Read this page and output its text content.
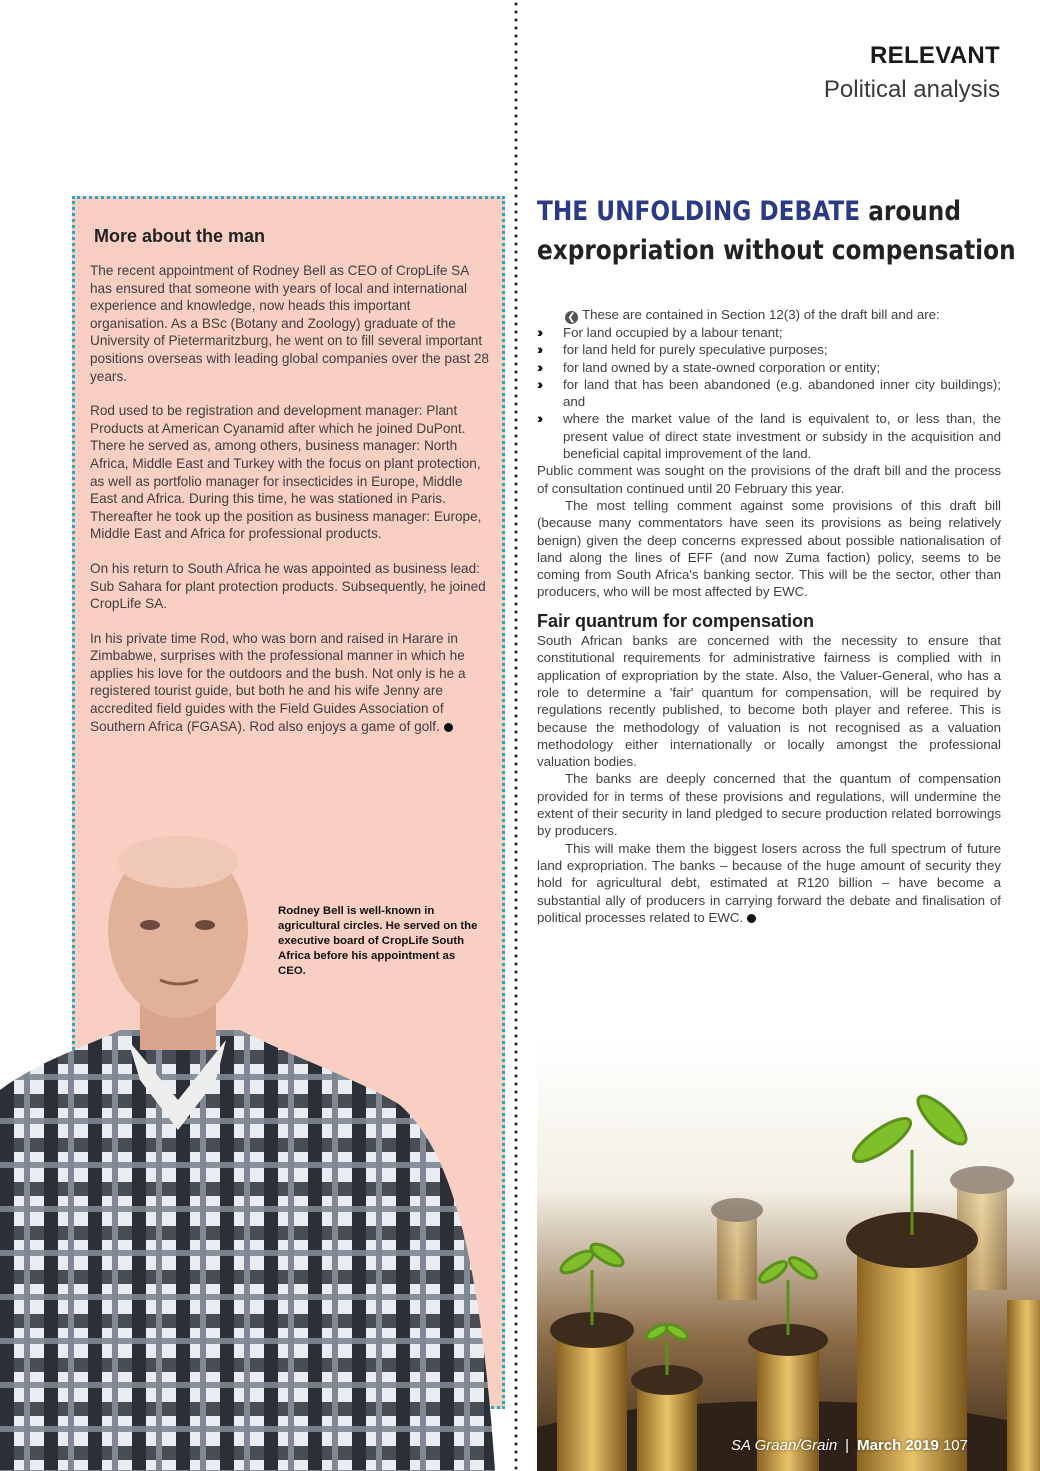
RELEVANT
Political analysis
More about the man

The recent appointment of Rodney Bell as CEO of CropLife SA has ensured that someone with years of local and international experience and knowledge, now heads this important organisation. As a BSc (Botany and Zoology) graduate of the University of Pietermaritzburg, he went on to fill several important positions overseas with leading global companies over the past 28 years.

Rod used to be registration and development manager: Plant Products at American Cyanamid after which he joined DuPont. There he served as, among others, business manager: North Africa, Middle East and Turkey with the focus on plant protection, as well as portfolio manager for insecticides in Europe, Middle East and Africa. During this time, he was stationed in Paris. Thereafter he took up the position as business manager: Europe, Middle East and Africa for professional products.

On his return to South Africa he was appointed as business lead: Sub Sahara for plant protection products. Subsequently, he joined CropLife SA.

In his private time Rod, who was born and raised in Harare in Zimbabwe, surprises with the professional manner in which he applies his love for the outdoors and the bush. Not only is he a registered tourist guide, but both he and his wife Jenny are accredited field guides with the Field Guides Association of Southern Africa (FGASA). Rod also enjoys a game of golf.

Rodney Bell is well-known in agricultural circles. He served on the executive board of CropLife South Africa before his appointment as CEO.
THE UNFOLDING DEBATE around
expropriation without compensation

❮ These are contained in Section 12(3) of the draft bill and are:

›› For land occupied by a labour tenant;
›› for land held for purely speculative purposes;
›› for land owned by a state-owned corporation or entity;
›› for land that has been abandoned (e.g. abandoned inner city buildings); and
›› where the market value of the land is equivalent to, or less than, the present value of direct state investment or subsidy in the acquisition and beneficial capital improvement of the land.

Public comment was sought on the provisions of the draft bill and the process of consultation continued until 20 February this year.

The most telling comment against some provisions of this draft bill (because many commentators have seen its provisions as being relatively benign) given the deep concerns expressed about possible nationalisation of land along the lines of EFF (and now Zuma faction) policy, seems to be coming from South Africa's banking sector. This will be the sector, other than producers, who will be most affected by EWC.

Fair quantrum for compensation

South African banks are concerned with the necessity to ensure that constitutional requirements for administrative fairness is complied with in application of expropriation by the state. Also, the Valuer-General, who has a role to determine a 'fair' quantum for compensation, will be required by regulations recently published, to become both player and referee. This is because the methodology of valuation is not recognised as a valuation methodology either internationally or locally amongst the professional valuation bodies.

The banks are deeply concerned that the quantum of compensation provided for in terms of these provisions and regulations, will undermine the extent of their security in land pledged to secure production related borrowings by producers.

This will make them the biggest losers across the full spectrum of future land expropriation. The banks – because of the huge amount of security they hold for agricultural debt, estimated at R120 billion – have become a substantial ally of producers in carrying forward the debate and finalisation of political processes related to EWC.

SA Graan/Grain | March 2019 107
